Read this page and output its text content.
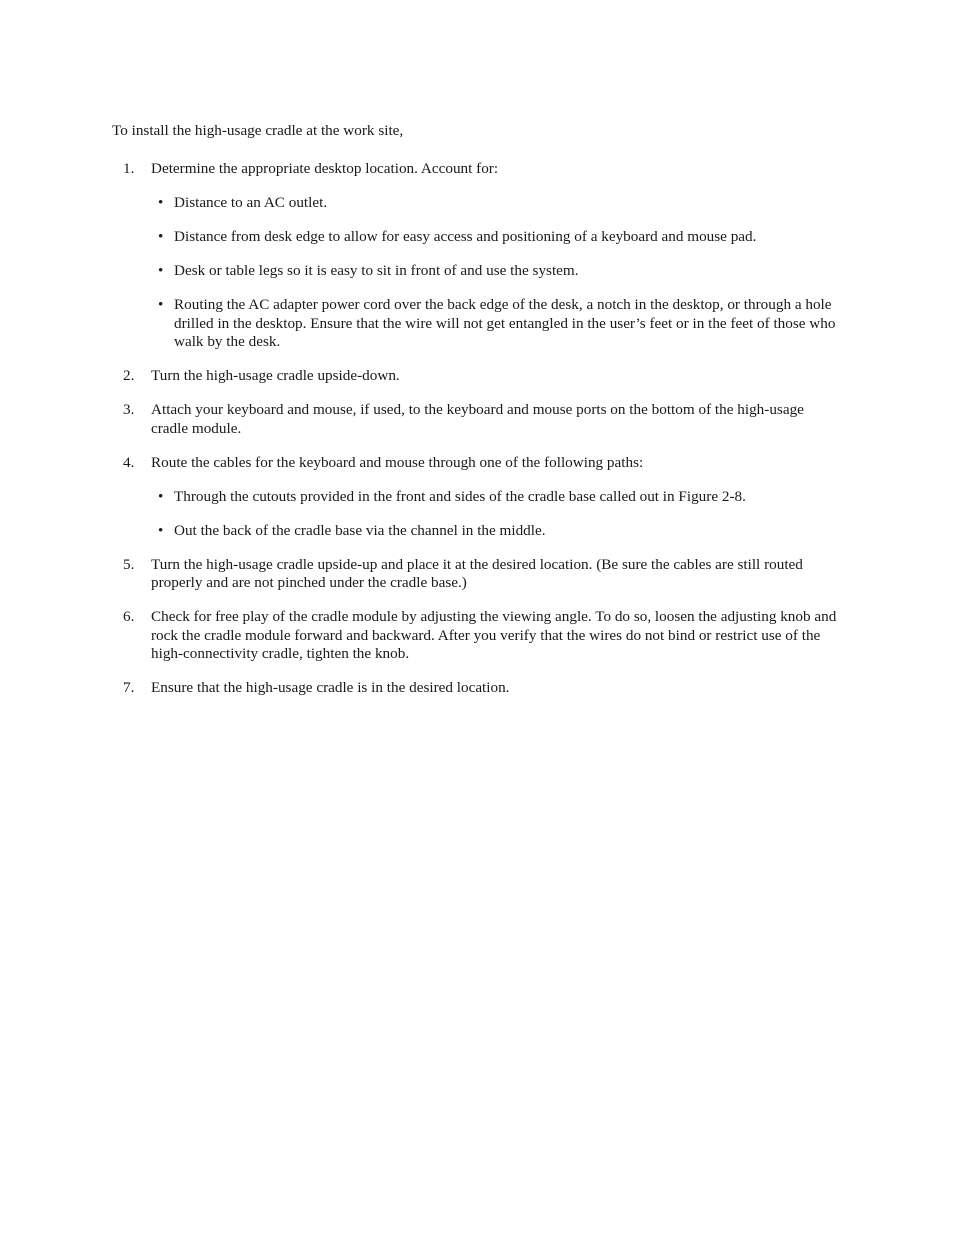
To install the high-usage cradle at the work site,

1. Determine the appropriate desktop location. Account for:
• Distance to an AC outlet.
• Distance from desk edge to allow for easy access and positioning of a keyboard and mouse pad.
• Desk or table legs so it is easy to sit in front of and use the system.
• Routing the AC adapter power cord over the back edge of the desk, a notch in the desktop, or through a hole drilled in the desktop. Ensure that the wire will not get entangled in the user’s feet or in the feet of those who walk by the desk.
2. Turn the high-usage cradle upside-down.
3. Attach your keyboard and mouse, if used, to the keyboard and mouse ports on the bottom of the high-usage cradle module.
4. Route the cables for the keyboard and mouse through one of the following paths:
• Through the cutouts provided in the front and sides of the cradle base called out in Figure 2-8.
• Out the back of the cradle base via the channel in the middle.
5. Turn the high-usage cradle upside-up and place it at the desired location. (Be sure the cables are still routed properly and are not pinched under the cradle base.)
6. Check for free play of the cradle module by adjusting the viewing angle. To do so, loosen the adjusting knob and rock the cradle module forward and backward. After you verify that the wires do not bind or restrict use of the high-connectivity cradle, tighten the knob.
7. Ensure that the high-usage cradle is in the desired location.
